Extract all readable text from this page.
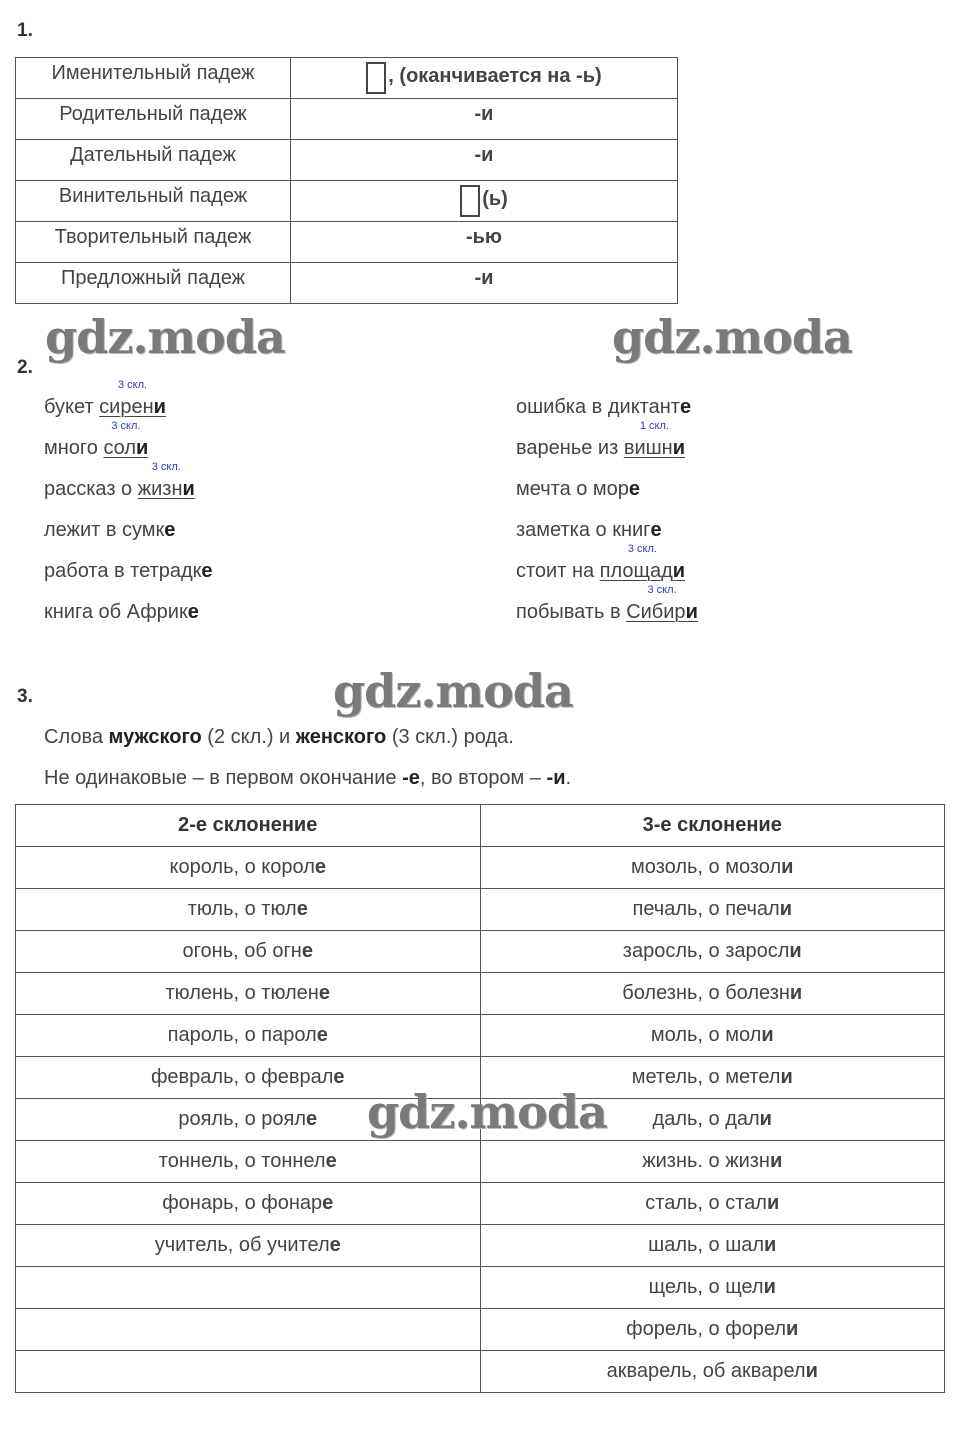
1.
Именительный падеж	, (оканчивается на -ь)
Родительный падеж	-и
Дательный падеж	-и
Винительный падеж	(ь)
Творительный падеж	-ью
Предложный падеж	-и
gdz.moda	gdz.moda
gdz.moda
gdz.moda
2.
букет сирени
3 скл.
много соли
3 скл.
рассказ о жизни
3 скл.
лежит в сумке
работа в тетрадке
книга об Африке
ошибка в диктанте
варенье из вишни
1 скл.
мечта о море
заметка о книге
стоит на площади
3 скл.
побывать в Сибири
3 скл.
3.
Слова мужского (2 скл.) и женского (3 скл.) рода.
Не одинаковые – в первом окончание -е, во втором – -и.
2-е склонение	3-е склонение
король, о короле	мозоль, о мозоли
тюль, о тюле	печаль, о печали
огонь, об огне	заросль, о заросли
тюлень, о тюлене	болезнь, о болезни
пароль, о пароле	моль, о моли
февраль, о феврале	метель, о метели
рояль, о рояле	даль, о дали
тоннель, о тоннеле	жизнь. о жизни
фонарь, о фонаре	сталь, о стали
учитель, об учителе	шаль, о шали
	щель, о щели
	форель, о форели
	акварель, об акварели
